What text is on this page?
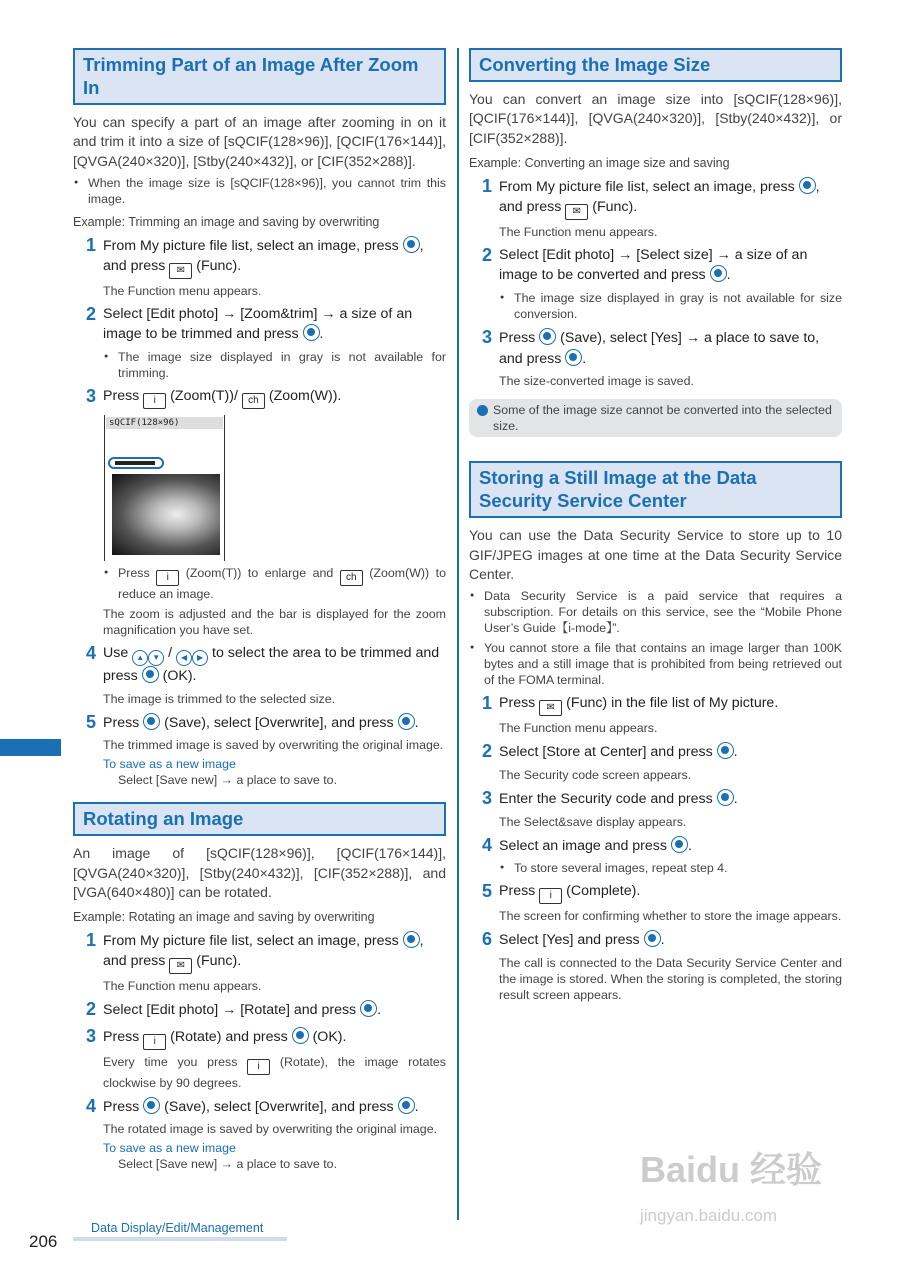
Trimming Part of an Image After Zoom In
You can specify a part of an image after zooming in on it and trim it into a size of [sQCIF(128×96)], [QCIF(176×144)], [QVGA(240×320)], [Stby(240×432)], or [CIF(352×288)].
● When the image size is [sQCIF(128×96)], you cannot trim this image.
Example: Trimming an image and saving by overwriting
1 From My picture file list, select an image, press , and press ✉ (Func).
The Function menu appears.
2 Select [Edit photo] → [Zoom&trim] → a size of an image to be trimmed and press .
● The image size displayed in gray is not available for trimming.
3 Press i (Zoom(T))/ ch (Zoom(W)).
sQCIF(128×96)
● Press i (Zoom(T)) to enlarge and ch (Zoom(W)) to reduce an image.
The zoom is adjusted and the bar is displayed for the zoom magnification you have set.
4 Use ▲ ▼ / ◀ ▶ to select the area to be trimmed and press (OK).
The image is trimmed to the selected size.
5 Press (Save), select [Overwrite], and press .
The trimmed image is saved by overwriting the original image.
To save as a new image
Select [Save new] → a place to save to.
Rotating an Image
An image of [sQCIF(128×96)], [QCIF(176×144)], [QVGA(240×320)], [Stby(240×432)], [CIF(352×288)], and [VGA(640×480)] can be rotated.
Example: Rotating an image and saving by overwriting
1 From My picture file list, select an image, press , and press ✉ (Func).
The Function menu appears.
2 Select [Edit photo] → [Rotate] and press .
3 Press i (Rotate) and press (OK).
Every time you press i (Rotate), the image rotates clockwise by 90 degrees.
4 Press (Save), select [Overwrite], and press .
The rotated image is saved by overwriting the original image.
To save as a new image
Select [Save new] → a place to save to.
Converting the Image Size
You can convert an image size into [sQCIF(128×96)], [QCIF(176×144)], [QVGA(240×320)], [Stby(240×432)], or [CIF(352×288)].
Example: Converting an image size and saving
1 From My picture file list, select an image, press , and press ✉ (Func).
The Function menu appears.
2 Select [Edit photo] → [Select size] → a size of an image to be converted and press .
● The image size displayed in gray is not available for size conversion.
3 Press (Save), select [Yes] → a place to save to, and press .
The size-converted image is saved.
Some of the image size cannot be converted into the selected size.
Storing a Still Image at the Data Security Service Center
You can use the Data Security Service to store up to 10 GIF/JPEG images at one time at the Data Security Service Center.
● Data Security Service is a paid service that requires a subscription. For details on this service, see the “Mobile Phone User’s Guide【i-mode】”.
● You cannot store a file that contains an image larger than 100K bytes and a still image that is prohibited from being retrieved out of the FOMA terminal.
1 Press ✉ (Func) in the file list of My picture.
The Function menu appears.
2 Select [Store at Center] and press .
The Security code screen appears.
3 Enter the Security code and press .
The Select&save display appears.
4 Select an image and press .
● To store several images, repeat step 4.
5 Press i (Complete).
The screen for confirming whether to store the image appears.
6 Select [Yes] and press .
The call is connected to the Data Security Service Center and the image is stored. When the storing is completed, the storing result screen appears.
206
Data Display/Edit/Management
Baidu 经验
jingyan.baidu.com
